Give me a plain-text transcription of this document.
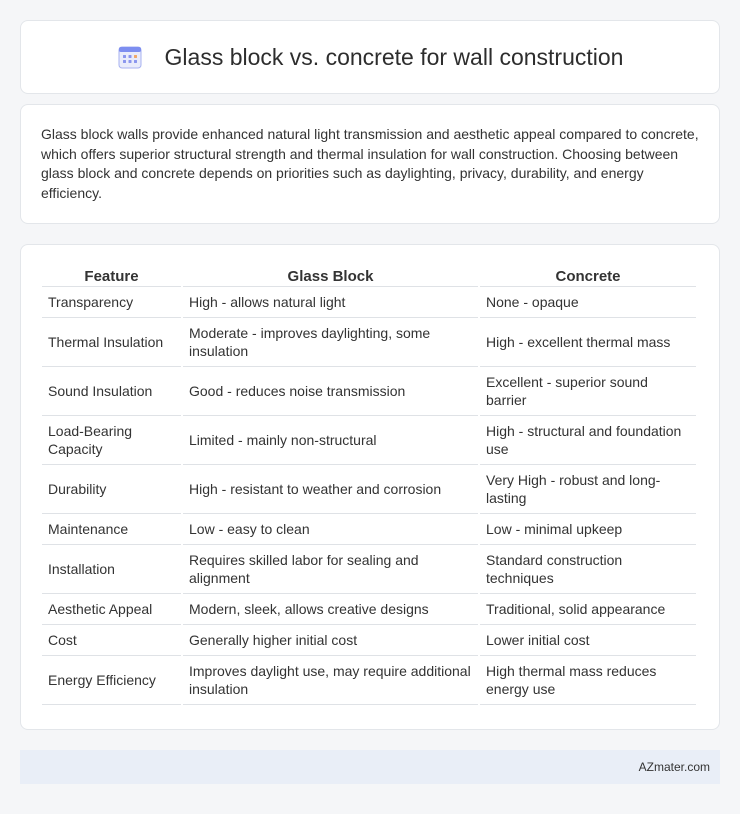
Glass block vs. concrete for wall construction

Glass block walls provide enhanced natural light transmission and aesthetic appeal compared to concrete, which offers superior structural strength and thermal insulation for wall construction. Choosing between glass block and concrete depends on priorities such as daylighting, privacy, durability, and energy efficiency.

Feature	Glass Block	Concrete
Transparency	High - allows natural light	None - opaque
Thermal Insulation	Moderate - improves daylighting, some insulation	High - excellent thermal mass
Sound Insulation	Good - reduces noise transmission	Excellent - superior sound barrier
Load-Bearing Capacity	Limited - mainly non-structural	High - structural and foundation use
Durability	High - resistant to weather and corrosion	Very High - robust and long-lasting
Maintenance	Low - easy to clean	Low - minimal upkeep
Installation	Requires skilled labor for sealing and alignment	Standard construction techniques
Aesthetic Appeal	Modern, sleek, allows creative designs	Traditional, solid appearance
Cost	Generally higher initial cost	Lower initial cost
Energy Efficiency	Improves daylight use, may require additional insulation	High thermal mass reduces energy use
AZmater.com
